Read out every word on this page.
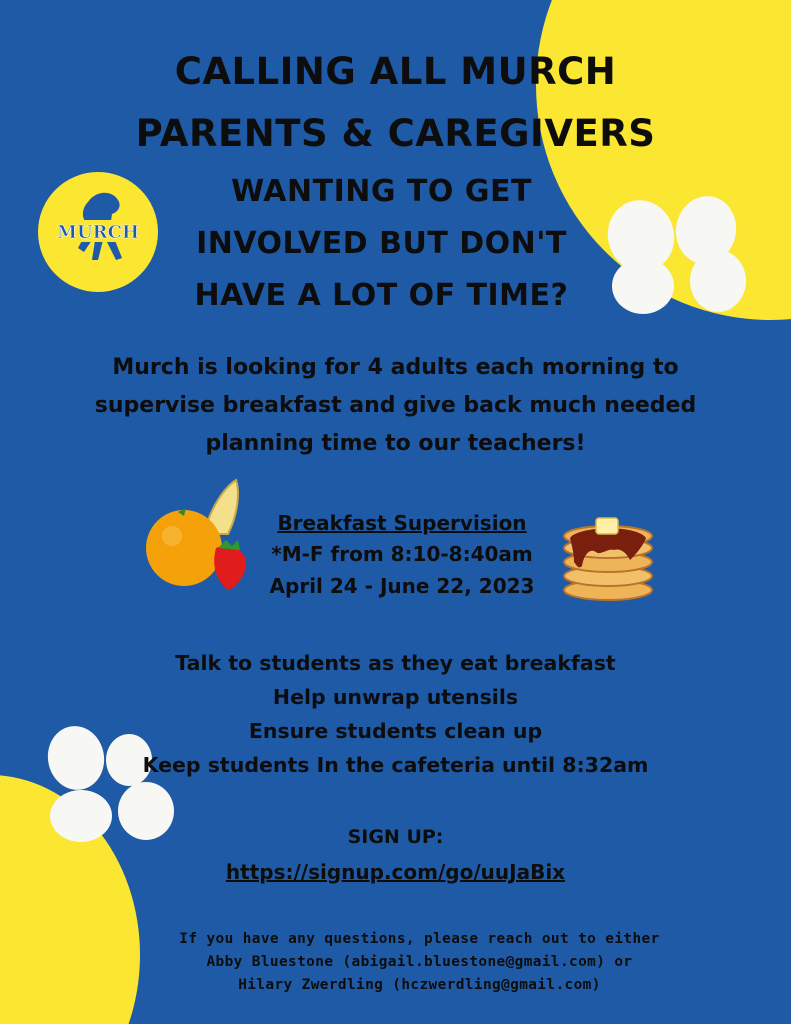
MURCH
CALLING ALL MURCH
PARENTS & CAREGIVERS
WANTING TO GET
INVOLVED BUT DON'T
HAVE A LOT OF TIME?
Murch is looking for 4 adults each morning to
supervise breakfast and give back much needed
planning time to our teachers!
Breakfast Supervision
*M-F from 8:10-8:40am
April 24 - June 22, 2023
Talk to students as they eat breakfast
Help unwrap utensils
Ensure students clean up
Keep students In the cafeteria until 8:32am
SIGN UP:
https://signup.com/go/uuJaBix
If you have any questions, please reach out to either
Abby Bluestone (abigail.bluestone@gmail.com) or
Hilary Zwerdling (hczwerdling@gmail.com)
